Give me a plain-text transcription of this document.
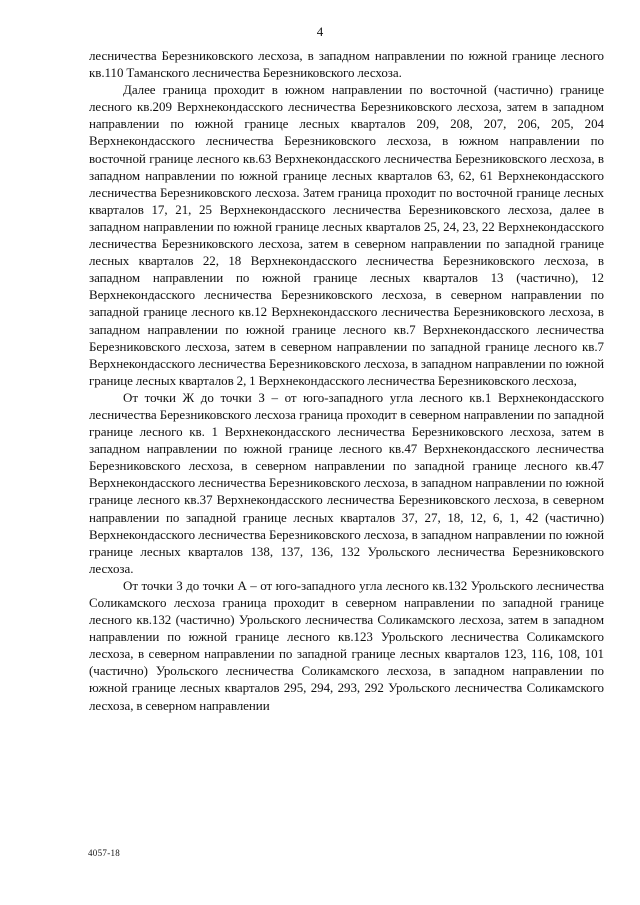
4

лесничества Березниковского лесхоза, в западном направлении по южной границе лесного кв.110 Таманского лесничества Березниковского лесхоза.

Далее граница проходит в южном направлении по восточной (частично) границе лесного кв.209 Верхнекондасского лесничества Березниковского лесхоза, затем в западном направлении по южной границе лесных кварталов 209, 208, 207, 206, 205, 204 Верхнекондасского лесничества Березниковского лесхоза, в южном направлении по восточной границе лесного кв.63 Верхнекондасского лесничества Березниковского лесхоза, в западном направлении по южной границе лесных кварталов 63, 62, 61 Верхнекондасского лесничества Березниковского лесхоза. Затем граница проходит по восточной границе лесных кварталов 17, 21, 25 Верхнекондасского лесничества Березниковского лесхоза, далее в западном направлении по южной границе лесных кварталов 25, 24, 23, 22 Верхнекондасского лесничества Березниковского лесхоза, затем в северном направлении по западной границе лесных кварталов 22, 18 Верхнекондасского лесничества Березниковского лесхоза, в западном направлении по южной границе лесных кварталов 13 (частично), 12 Верхнекондасского лесничества Березниковского лесхоза, в северном направлении по западной границе лесного кв.12 Верхнекондасского лесничества Березниковского лесхоза, в западном направлении по южной границе лесного кв.7 Верхнекондасского лесничества Березниковского лесхоза, затем в северном направлении по западной границе лесного кв.7 Верхнекондасского лесничества Березниковского лесхоза, в западном направлении по южной границе лесных кварталов 2, 1 Верхнекондасского лесничества Березниковского лесхоза,

От точки Ж до точки З – от юго-западного угла лесного кв.1 Верхнекондасского лесничества Березниковского лесхоза граница проходит в северном направлении по западной границе лесного кв. 1 Верхнекондасского лесничества Березниковского лесхоза, затем в западном направлении по южной границе лесного кв.47 Верхнекондасского лесничества Березниковского лесхоза, в северном направлении по западной границе лесного кв.47 Верхнекондасского лесничества Березниковского лесхоза, в западном направлении по южной границе лесного кв.37 Верхнекондасского лесничества Березниковского лесхоза, в северном направлении по западной границе лесных кварталов 37, 27, 18, 12, 6, 1, 42 (частично) Верхнекондасского лесничества Березниковского лесхоза, в западном направлении по южной границе лесных кварталов 138, 137, 136, 132 Урольского лесничества Березниковского лесхоза.

От точки З до точки А – от юго-западного угла лесного кв.132 Урольского лесничества Соликамского лесхоза граница проходит в северном направлении по западной границе лесного кв.132 (частично) Урольского лесничества Соликамского лесхоза, затем в западном направлении по южной границе лесного кв.123 Урольского лесничества Соликамского лесхоза, в северном направлении по западной границе лесных кварталов 123, 116, 108, 101 (частично) Урольского лесничества Соликамского лесхоза, в западном направлении по южной границе лесных кварталов 295, 294, 293, 292 Урольского лесничества Соликамского лесхоза, в северном направлении

4057-18
